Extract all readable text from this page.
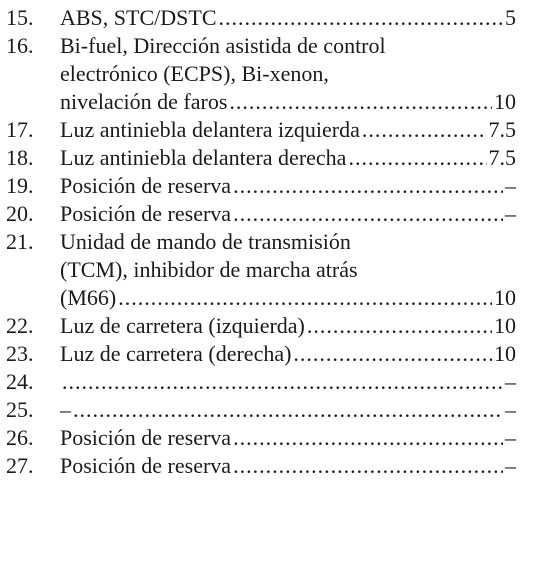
15.	ABS, STC/DSTC .....	5
16.	Bi-fuel, Dirección asistida de control
electrónico (ECPS), Bi-xenon,
nivelación de faros .....	10
17.	Luz antiniebla delantera izquierda .....	7.5
18.	Luz antiniebla delantera derecha .....	7.5
19.	Posición de reserva .....	–
20.	Posición de reserva .....	–
21.	Unidad de mando de transmisión
(TCM), inhibidor de marcha atrás
(M66) .....	10
22.	Luz de carretera (izquierda) .....	10
23.	Luz de carretera (derecha) .....	10
24. .....	–
25.	– .....	–
26.	Posición de reserva .....	–
27.	Posición de reserva .....	–
